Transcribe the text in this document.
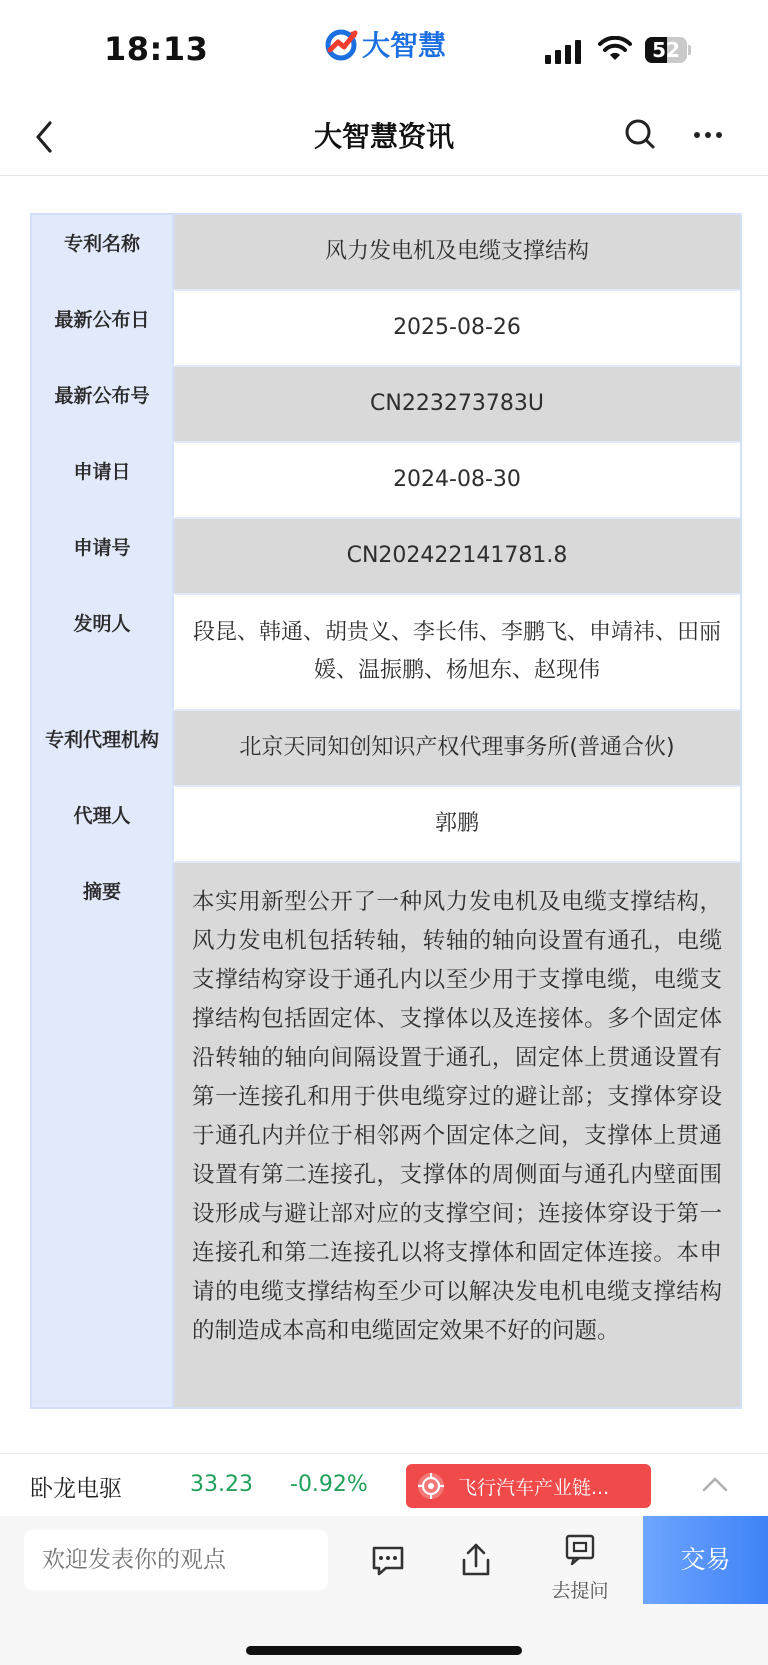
18:13	大智慧	52
大智慧资讯
专利名称	风力发电机及电缆支撑结构
最新公布日	2025-08-26
最新公布号	CN223273783U
申请日	2024-08-30
申请号	CN202422141781.8
发明人	段昆、韩通、胡贵义、李长伟、李鹏飞、申靖祎、田丽媛、温振鹏、杨旭东、赵现伟
专利代理机构	北京天同知创知识产权代理事务所(普通合伙)
代理人	郭鹏
摘要	本实用新型公开了一种风力发电机及电缆支撑结构，风力发电机包括转轴，转轴的轴向设置有通孔，电缆支撑结构穿设于通孔内以至少用于支撑电缆，电缆支撑结构包括固定体、支撑体以及连接体。多个固定体沿转轴的轴向间隔设置于通孔，固定体上贯通设置有第一连接孔和用于供电缆穿过的避让部；支撑体穿设于通孔内并位于相邻两个固定体之间，支撑体上贯通设置有第二连接孔，支撑体的周侧面与通孔内壁面围设形成与避让部对应的支撑空间；连接体穿设于第一连接孔和第二连接孔以将支撑体和固定体连接。本申请的电缆支撑结构至少可以解决发电机电缆支撑结构的制造成本高和电缆固定效果不好的问题。
卧龙电驱	33.23 -0.92%	飞行汽车产业链...
欢迎发表你的观点
去提问
交易
